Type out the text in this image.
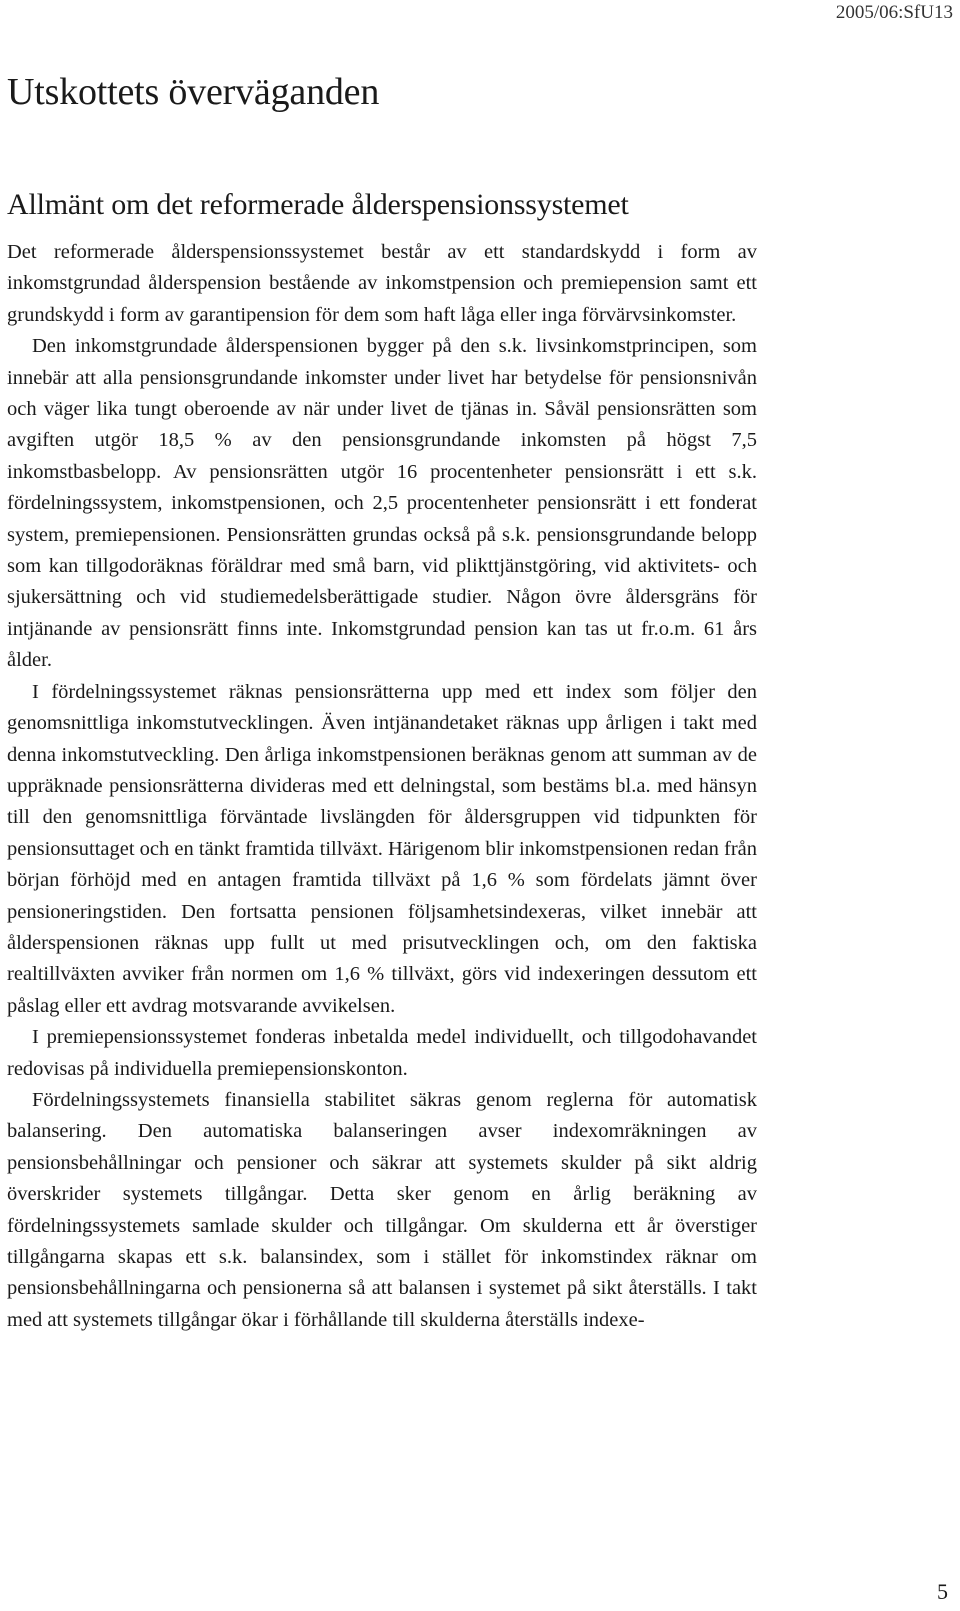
2005/06:SfU13
Utskottets överväganden
Allmänt om det reformerade ålderspensionssystemet

Det reformerade ålderspensionssystemet består av ett standardskydd i form av inkomstgrundad ålderspension bestående av inkomstpension och premiepension samt ett grundskydd i form av garantipension för dem som haft låga eller inga förvärvsinkomster.

Den inkomstgrundade ålderspensionen bygger på den s.k. livsinkomstprincipen, som innebär att alla pensionsgrundande inkomster under livet har betydelse för pensionsnivån och väger lika tungt oberoende av när under livet de tjänas in. Såväl pensionsrätten som avgiften utgör 18,5 % av den pensionsgrundande inkomsten på högst 7,5 inkomstbasbelopp. Av pensionsrätten utgör 16 procentenheter pensionsrätt i ett s.k. fördelningssystem, inkomstpensionen, och 2,5 procentenheter pensionsrätt i ett fonderat system, premiepensionen. Pensionsrätten grundas också på s.k. pensionsgrundande belopp som kan tillgodoräknas föräldrar med små barn, vid plikttjänstgöring, vid aktivitets- och sjukersättning och vid studiemedelsberättigade studier. Någon övre åldersgräns för intjänande av pensionsrätt finns inte. Inkomstgrundad pension kan tas ut fr.o.m. 61 års ålder.

I fördelningssystemet räknas pensionsrätterna upp med ett index som följer den genomsnittliga inkomstutvecklingen. Även intjänandetaket räknas upp årligen i takt med denna inkomstutveckling. Den årliga inkomstpensionen beräknas genom att summan av de uppräknade pensionsrätterna divideras med ett delningstal, som bestäms bl.a. med hänsyn till den genomsnittliga förväntade livslängden för åldersgruppen vid tidpunkten för pensionsuttaget och en tänkt framtida tillväxt. Härigenom blir inkomstpensionen redan från början förhöjd med en antagen framtida tillväxt på 1,6 % som fördelats jämnt över pensioneringstiden. Den fortsatta pensionen följsamhetsindexeras, vilket innebär att ålderspensionen räknas upp fullt ut med prisutvecklingen och, om den faktiska realtillväxten avviker från normen om 1,6 % tillväxt, görs vid indexeringen dessutom ett påslag eller ett avdrag motsvarande avvikelsen.

I premiepensionssystemet fonderas inbetalda medel individuellt, och tillgodohavandet redovisas på individuella premiepensionskonton.

Fördelningssystemets finansiella stabilitet säkras genom reglerna för automatisk balansering. Den automatiska balanseringen avser indexomräkningen av pensionsbehållningar och pensioner och säkrar att systemets skulder på sikt aldrig överskrider systemets tillgångar. Detta sker genom en årlig beräkning av fördelningssystemets samlade skulder och tillgångar. Om skulderna ett år överstiger tillgångarna skapas ett s.k. balansindex, som i stället för inkomstindex räknar om pensionsbehållningarna och pensionerna så att balansen i systemet på sikt återställs. I takt med att systemets tillgångar ökar i förhållande till skulderna återställs indexe-

5
